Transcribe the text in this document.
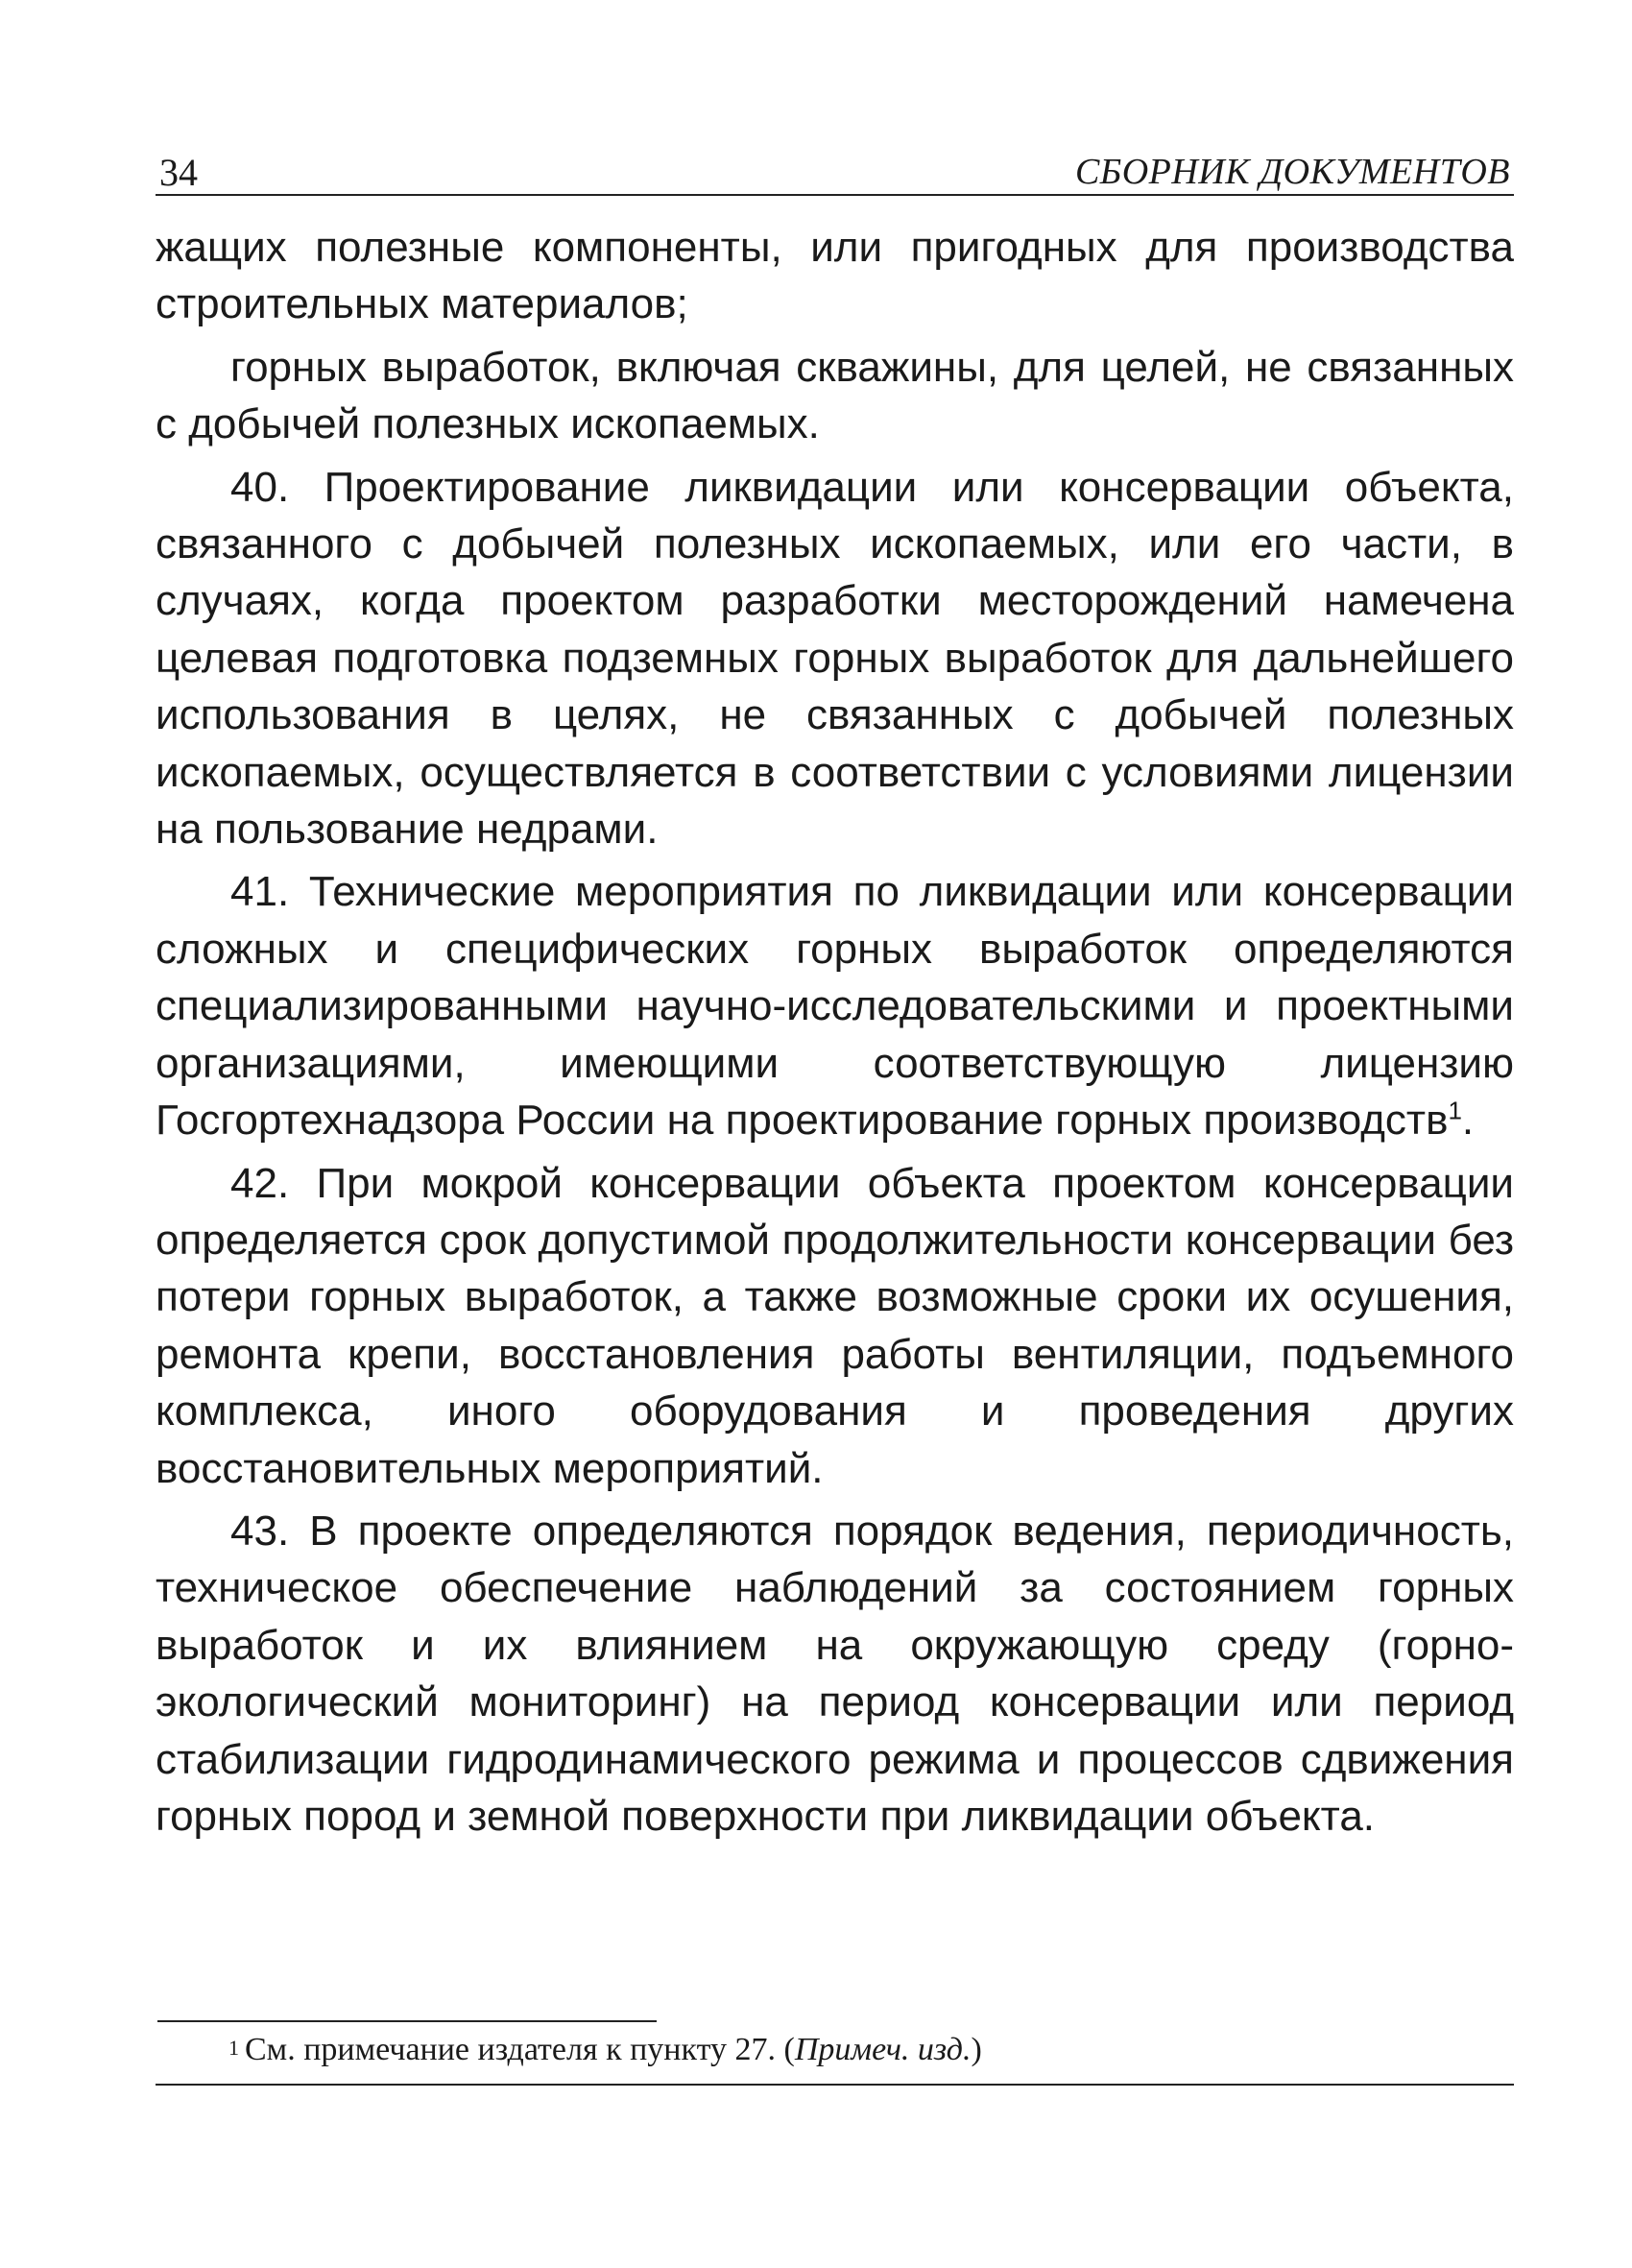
34	СБОРНИК ДОКУМЕНТОВ

жащих полезные компоненты, или пригодных для производства строительных материалов;

горных выработок, включая скважины, для целей, не связанных с добычей полезных ископаемых.

40. Проектирование ликвидации или консервации объекта, связанного с добычей полезных ископаемых, или его части, в случаях, когда проектом разработки месторождений намечена целевая подготовка подземных горных выработок для дальнейшего использования в целях, не связанных с добычей полезных ископаемых, осуществляется в соответствии с условиями лицензии на пользование недрами.

41. Технические мероприятия по ликвидации или консервации сложных и специфических горных выработок определяются специализированными научно-исследовательскими и проектными организациями, имеющими соответствующую лицензию Госгортехнадзора России на проектирование горных производств$^1$.

42. При мокрой консервации объекта проектом консервации определяется срок допустимой продолжительности консервации без потери горных выработок, а также возможные сроки их осушения, ремонта крепи, восстановления работы вентиляции, подъемного комплекса, иного оборудования и проведения других восстановительных мероприятий.

43. В проекте определяются порядок ведения, периодичность, техническое обеспечение наблюдений за состоянием горных выработок и их влиянием на окружающую среду (горно-экологический мониторинг) на период консервации или период стабилизации гидродинамического режима и процессов сдвижения горных пород и земной поверхности при ликвидации объекта.

$^1$ См. примечание издателя к пункту 27. (Примеч. изд.)
